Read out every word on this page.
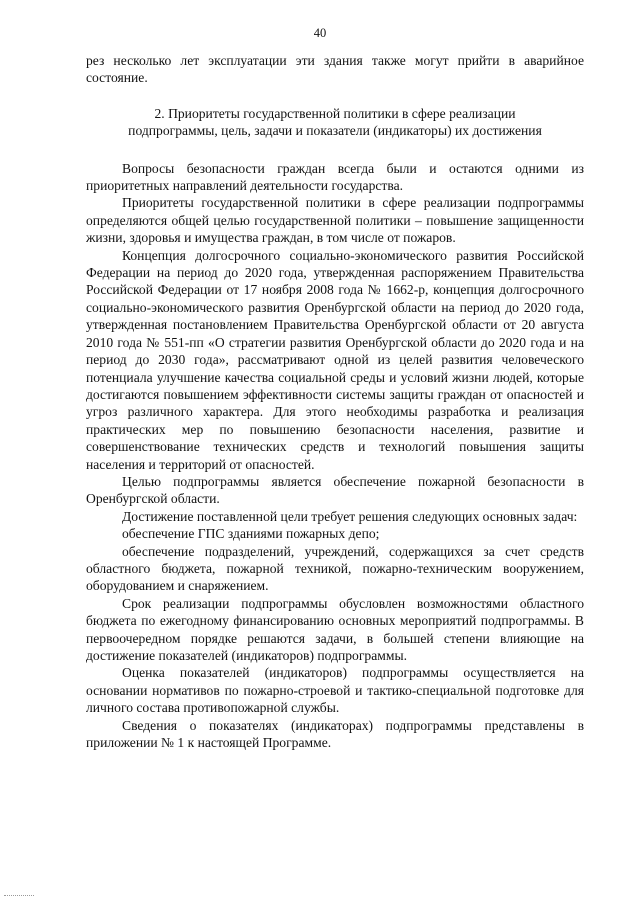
40

рез несколько лет эксплуатации эти здания также могут прийти в аварийное состояние.

2. Приоритеты государственной политики в сфере реализации
подпрограммы, цель, задачи и показатели (индикаторы) их достижения

Вопросы безопасности граждан всегда были и остаются одними из приоритетных направлений деятельности государства.

Приоритеты государственной политики в сфере реализации подпрограммы определяются общей целью государственной политики – повышение защищенности жизни, здоровья и имущества граждан, в том числе от пожаров.

Концепция долгосрочного социально-экономического развития Российской Федерации на период до 2020 года, утвержденная распоряжением Правительства Российской Федерации от 17 ноября 2008 года № 1662-р, концепция долгосрочного социально-экономического развития Оренбургской области на период до 2020 года, утвержденная постановлением Правительства Оренбургской области от 20 августа 2010 года № 551-пп «О стратегии развития Оренбургской области до 2020 года и на период до 2030 года», рассматривают одной из целей развития человеческого потенциала улучшение качества социальной среды и условий жизни людей, которые достигаются повышением эффективности системы защиты граждан от опасностей и угроз различного характера. Для этого необходимы разработка и реализация практических мер по повышению безопасности населения, развитие и совершенствование технических средств и технологий повышения защиты населения и территорий от опасностей.

Целью подпрограммы является обеспечение пожарной безопасности в Оренбургской области.

Достижение поставленной цели требует решения следующих основных задач:

обеспечение ГПС зданиями пожарных депо;

обеспечение подразделений, учреждений, содержащихся за счет средств областного бюджета, пожарной техникой, пожарно-техническим вооружением, оборудованием и снаряжением.

Срок реализации подпрограммы обусловлен возможностями областного бюджета по ежегодному финансированию основных мероприятий подпрограммы. В первоочередном порядке решаются задачи, в большей степени влияющие на достижение показателей (индикаторов) подпрограммы.

Оценка показателей (индикаторов) подпрограммы осуществляется на основании нормативов по пожарно-строевой и тактико-специальной подготовке для личного состава противопожарной службы.

Сведения о показателях (индикаторах) подпрограммы представлены в приложении № 1 к настоящей Программе.
